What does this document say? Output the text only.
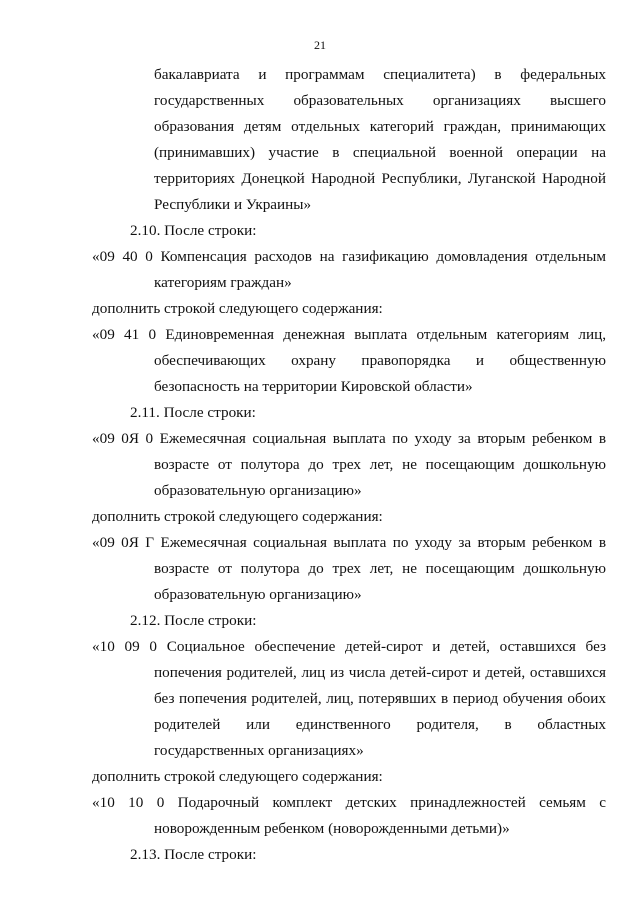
21

бакалавриата и программам специалитета) в федеральных государственных образовательных организациях высшего образования детям отдельных категорий граждан, принимающих (принимавших) участие в специальной военной операции на территориях Донецкой Народной Республики, Луганской Народной Республики и Украины»

2.10. После строки:

«09 40 0 Компенсация расходов на газификацию домовладения отдельным категориям граждан»

дополнить строкой следующего содержания:

«09 41 0 Единовременная денежная выплата отдельным категориям лиц, обеспечивающих охрану правопорядка и общественную безопасность на территории Кировской области»

2.11. После строки:

«09 0Я 0 Ежемесячная социальная выплата по уходу за вторым ребенком в возрасте от полутора до трех лет, не посещающим дошкольную образовательную организацию»

дополнить строкой следующего содержания:

«09 0Я Г Ежемесячная социальная выплата по уходу за вторым ребенком в возрасте от полутора до трех лет, не посещающим дошкольную образовательную организацию»

2.12. После строки:

«10 09 0 Социальное обеспечение детей-сирот и детей, оставшихся без попечения родителей, лиц из числа детей-сирот и детей, оставшихся без попечения родителей, лиц, потерявших в период обучения обоих родителей или единственного родителя, в областных государственных организациях»

дополнить строкой следующего содержания:

«10 10 0 Подарочный комплект детских принадлежностей семьям с новорожденным ребенком (новорожденными детьми)»

2.13. После строки:
